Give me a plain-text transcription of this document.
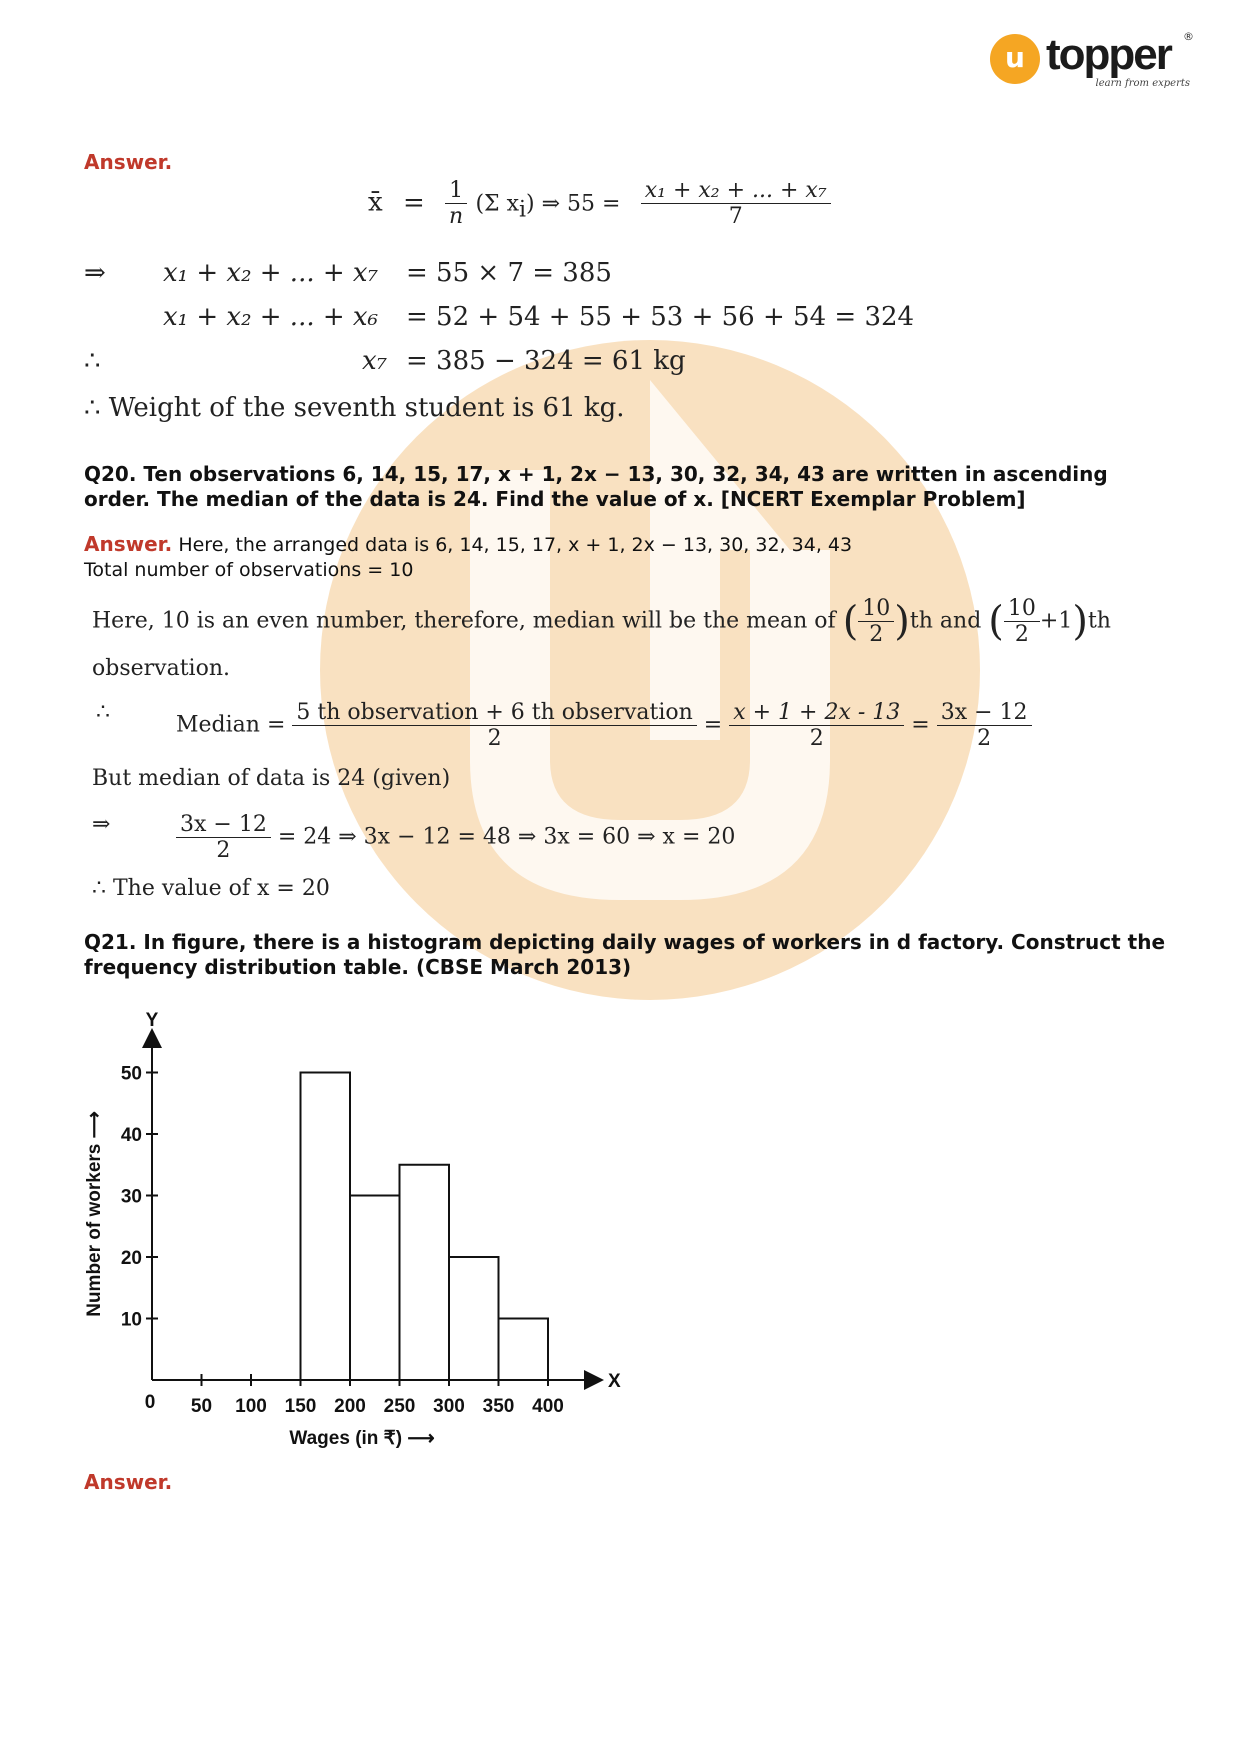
u topper ®
learn from experts
Answer.
x̄ = $\frac{1}{n} (\Sigma$ $x_i$) ⇒ $55 = \frac{\text{x₁ + x₂ + ... + x₇}}{7}$
⇒ x₁ + x₂ + ... + x₇ = 55 × 7 = 385
x₁ + x₂ + ... + x₆ = 52 + 54 + 55 + 53 + 56 + 54 = 324
∴	x₇ = 385 − 324 = 61 kg
∴ Weight of the seventh student is 61 kg.
Q20. Ten observations 6, 14, 15, 17, x + 1, 2x − 13, 30, 32, 34, 43 are written in ascending
order. The median of the data is 24. Find the value of x. [NCERT Exemplar Problem]
Answer. Here, the arranged data is 6, 14, 15, 17, x + 1, 2x − 13, 30, 32, 34, 43
Total number of observations = 10
Here, 10 is an even number, therefore, median will be the mean of ( $\frac{10}{2} )th$ and ( $\frac{10}{2} +1)th$
observation.
∴	Median = $\frac{\text{5 th observation + 6 th observation}}{2} = \frac{x + 1 + 2x - 13}{2} = \frac{3x - 12}{2}$
But median of data is 24 (given)
⇒	$\frac{3x - 12}{2} = 24$ ⇒ 3x − 12 = 48 ⇒ 3x = 60 ⇒ x = 20
∴ The value of x = 20
Q21. In figure, there is a histogram depicting daily wages of workers in d factory. Construct the
frequency distribution table. (CBSE March 2013)
50 100 150 200 250 300 350 400
0
10
20
30
40
50
X
Y
Wages (in ₹) ⟶
Number of workers ⟶
Answer.
